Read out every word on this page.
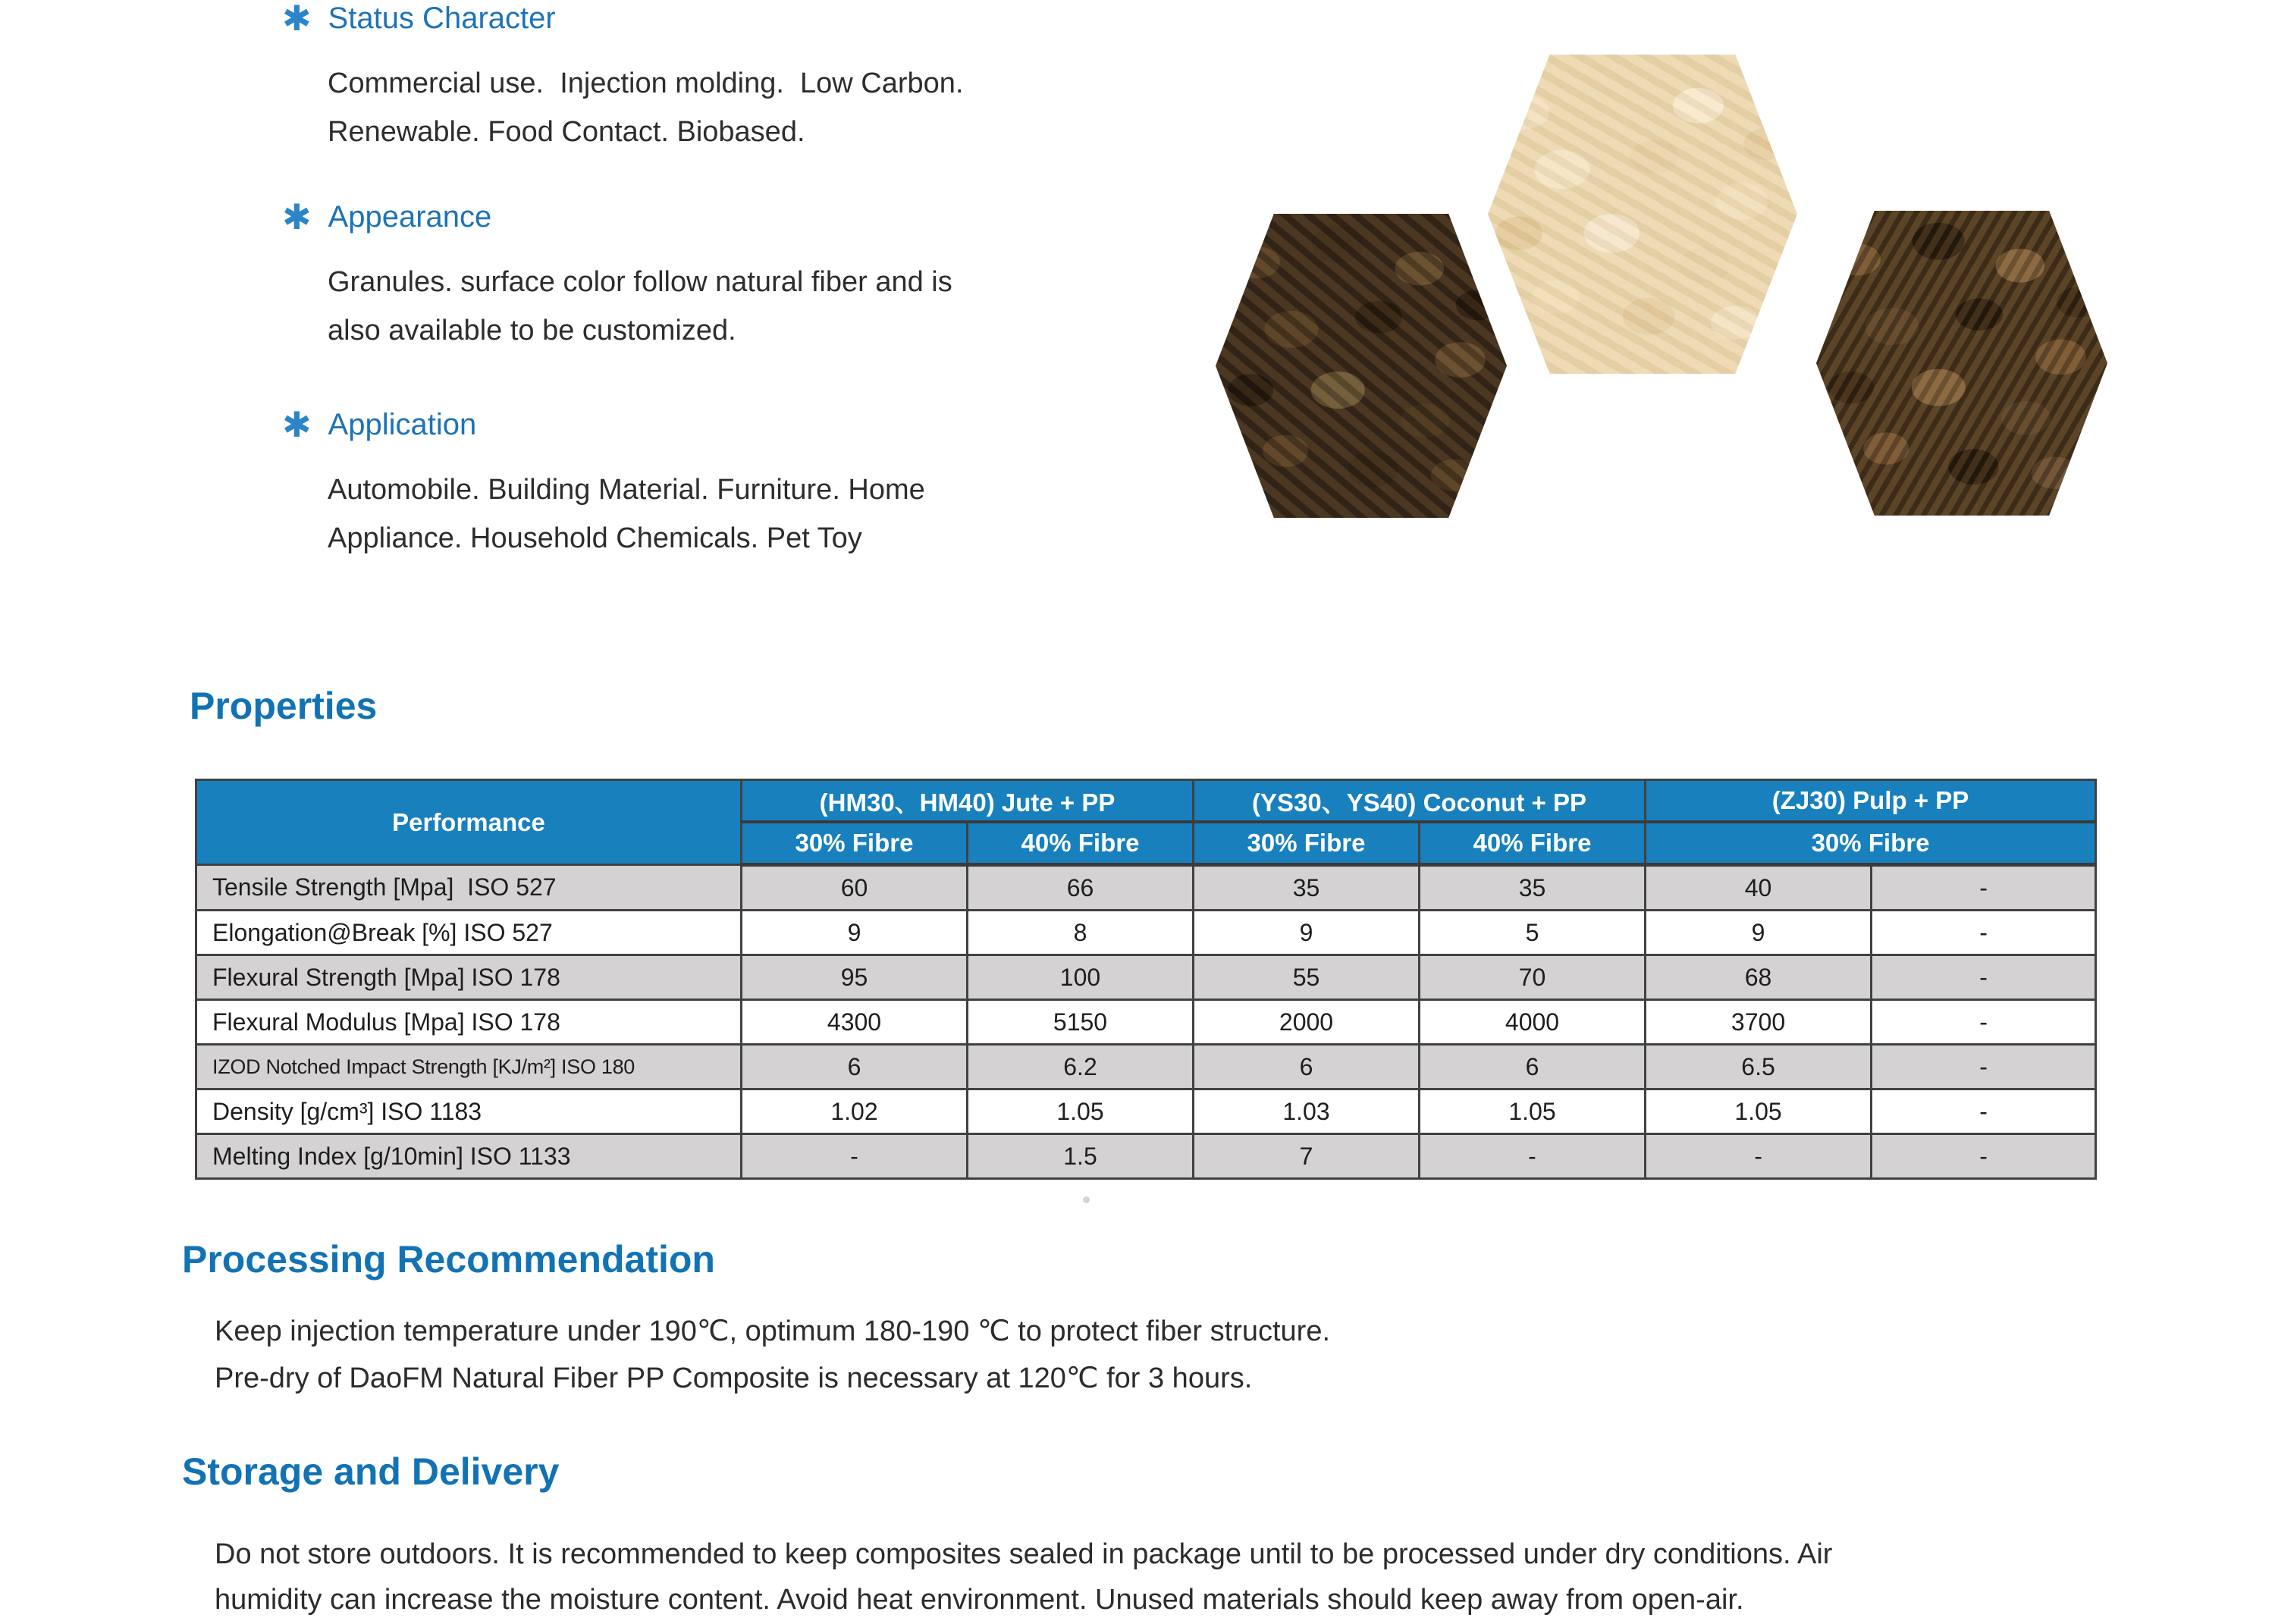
✱ Status Character
Commercial use.  Injection molding.  Low Carbon.
Renewable. Food Contact. Biobased.
✱ Appearance
Granules. surface color follow natural fiber and is
also available to be customized.
✱ Application
Automobile. Building Material. Furniture. Home
Appliance. Household Chemicals. Pet Toy
Properties
Performance	(HM30、HM40) Jute + PP		(YS30、YS40) Coconut + PP		(ZJ30) Pulp + PP	
	30% Fibre	40% Fibre	30% Fibre	40% Fibre	30% Fibre	
Tensile Strength [Mpa]  ISO 527	60	66	35	35	40	-
Elongation@Break [%] ISO 527	9	8	9	5	9	-
Flexural Strength [Mpa] ISO 178	95	100	55	70	68	-
Flexural Modulus [Mpa] ISO 178	4300	5150	2000	4000	3700	-
IZOD Notched Impact Strength [KJ/m²] ISO 180	6	6.2	6	6	6.5	-
Density [g/cm³] ISO 1183	1.02	1.05	1.03	1.05	1.05	-
Melting Index [g/10min] ISO 1133	-	1.5	7	-	-	-
Processing Recommendation
Keep injection temperature under 190℃, optimum 180-190 ℃ to protect fiber structure.
Pre-dry of DaoFM Natural Fiber PP Composite is necessary at 120℃ for 3 hours.
Storage and Delivery
Do not store outdoors. It is recommended to keep composites sealed in package until to be processed under dry conditions. Air
humidity can increase the moisture content. Avoid heat environment. Unused materials should keep away from open-air.
